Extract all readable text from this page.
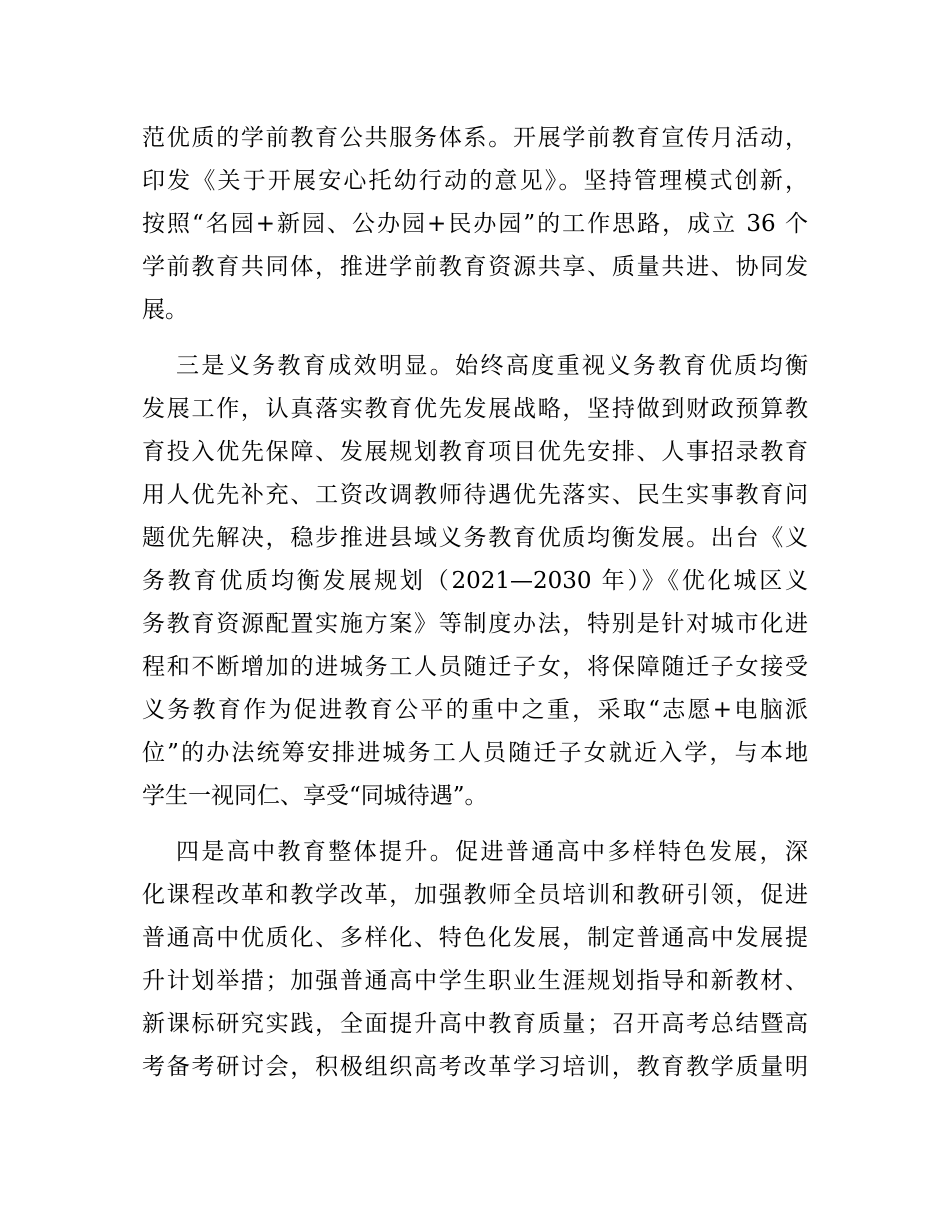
范优质的学前教育公共服务体系。开展学前教育宣传月活动，
印发《关于开展安心托幼行动的意见》。坚持管理模式创新，
按照“名园+新园、公办园+民办园”的工作思路，成立 36 个
学前教育共同体，推进学前教育资源共享、质量共进、协同发
展。
三是义务教育成效明显。始终高度重视义务教育优质均衡
发展工作，认真落实教育优先发展战略，坚持做到财政预算教
育投入优先保障、发展规划教育项目优先安排、人事招录教育
用人优先补充、工资改调教师待遇优先落实、民生实事教育问
题优先解决，稳步推进县域义务教育优质均衡发展。出台《义
务教育优质均衡发展规划（2021—2030 年）》《优化城区义
务教育资源配置实施方案》等制度办法，特别是针对城市化进
程和不断增加的进城务工人员随迁子女，将保障随迁子女接受
义务教育作为促进教育公平的重中之重，采取“志愿+电脑派
位”的办法统筹安排进城务工人员随迁子女就近入学，与本地
学生一视同仁、享受“同城待遇”。
四是高中教育整体提升。促进普通高中多样特色发展，深
化课程改革和教学改革，加强教师全员培训和教研引领，促进
普通高中优质化、多样化、特色化发展，制定普通高中发展提
升计划举措；加强普通高中学生职业生涯规划指导和新教材、
新课标研究实践，全面提升高中教育质量；召开高考总结暨高
考备考研讨会，积极组织高考改革学习培训，教育教学质量明
